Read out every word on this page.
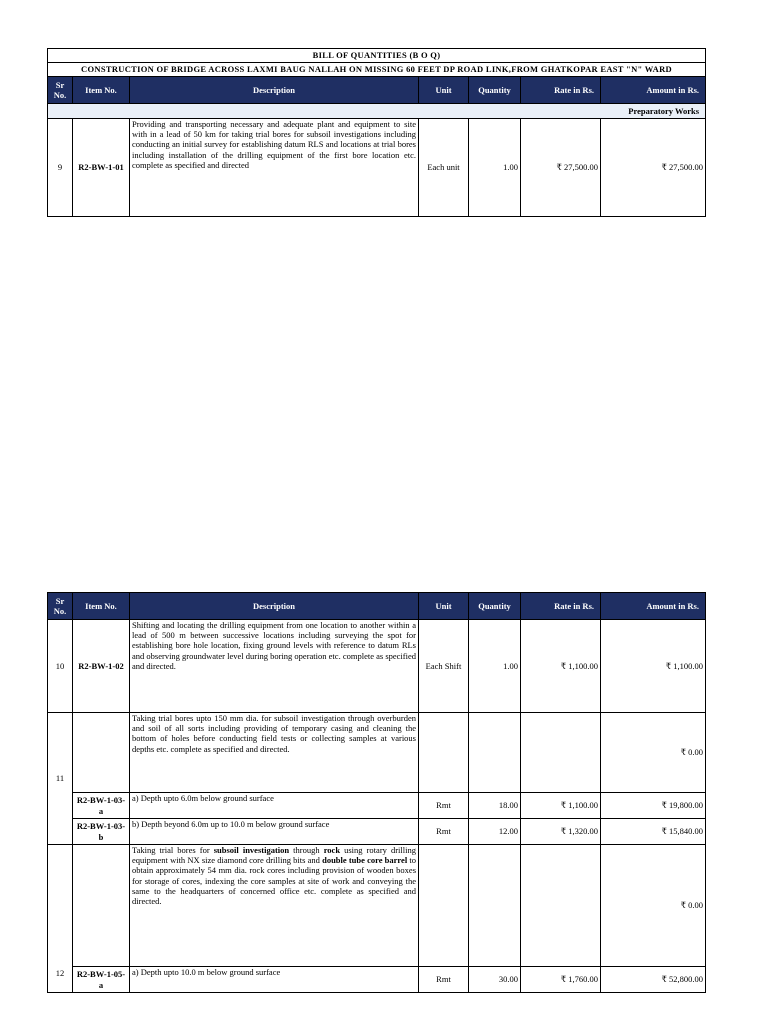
BILL OF QUANTITIES (B O Q)						
CONSTRUCTION OF BRIDGE ACROSS LAXMI BAUG NALLAH ON MISSING 60 FEET DP ROAD LINK,FROM GHATKOPAR EAST "N" WARD						
Sr No.	Item No.	Description	Unit	Quantity	Rate in Rs.	Amount in Rs.
Preparatory Works						
9	R2-BW-1-01	Providing and transporting necessary and adequate plant and equipment to site with in a lead of 50 km for taking trial bores for subsoil investigations including conducting an initial survey for establishing datum RLS and locations at trial bores including installation of the drilling equipment of the first bore location etc. complete as specified and directed	Each unit	1.00	₹ 27,500.00	₹ 27,500.00
Sr No.	Item No.	Description	Unit	Quantity	Rate in Rs.	Amount in Rs.
10	R2-BW-1-02	Shifting and locating the drilling equipment from one location to another within a lead of 500 m between successive locations including surveying the spot for establishing bore hole location, fixing ground levels with reference to datum RLs and observing groundwater level during boring operation etc. complete as specified and directed.	Each Shift	1.00	₹ 1,100.00	₹ 1,100.00
11		Taking trial bores upto 150 mm dia. for subsoil investigation through overburden and soil of all sorts including providing of temporary casing and cleaning the bottom of holes before conducting field tests or collecting samples at various depths etc. complete as specified and directed.				₹ 0.00
	R2-BW-1-03-a	a) Depth upto 6.0m below ground surface	Rmt	18.00	₹ 1,100.00	₹ 19,800.00
	R2-BW-1-03-b	b) Depth beyond 6.0m up to 10.0 m below ground surface	Rmt	12.00	₹ 1,320.00	₹ 15,840.00
12		Taking trial bores for subsoil investigation through rock using rotary drilling equipment with NX size diamond core drilling bits and double tube core barrel to obtain approximately 54 mm dia. rock cores including provision of wooden boxes for storage of cores, indexing the core samples at site of work and conveying the same to the headquarters of concerned office etc. complete as specified and directed.				₹ 0.00
	R2-BW-1-05-a	a) Depth upto 10.0 m below ground surface	Rmt	30.00	₹ 1,760.00	₹ 52,800.00
